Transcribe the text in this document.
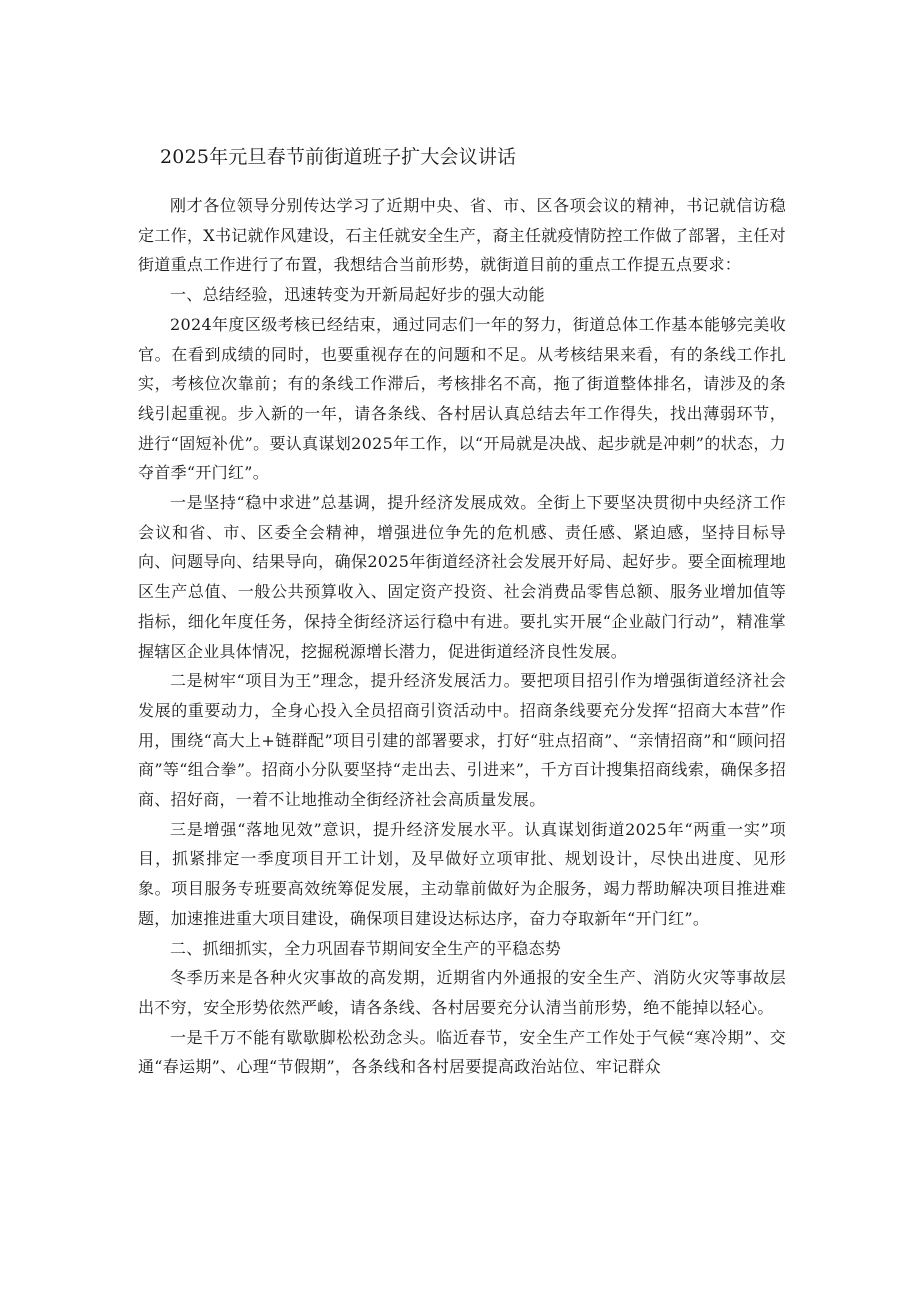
2025年元旦春节前街道班子扩大会议讲话

刚才各位领导分别传达学习了近期中央、省、市、区各项会议的精神，书记就信访稳定工作，X书记就作风建设，石主任就安全生产，裔主任就疫情防控工作做了部署，主任对街道重点工作进行了布置，我想结合当前形势，就街道目前的重点工作提五点要求：

一、总结经验，迅速转变为开新局起好步的强大动能

2024年度区级考核已经结束，通过同志们一年的努力，街道总体工作基本能够完美收官。在看到成绩的同时，也要重视存在的问题和不足。从考核结果来看，有的条线工作扎实，考核位次靠前；有的条线工作滞后，考核排名不高，拖了街道整体排名，请涉及的条线引起重视。步入新的一年，请各条线、各村居认真总结去年工作得失，找出薄弱环节，进行“固短补优”。要认真谋划2025年工作，以“开局就是决战、起步就是冲刺”的状态，力夺首季“开门红”。

一是坚持“稳中求进”总基调，提升经济发展成效。全街上下要坚决贯彻中央经济工作会议和省、市、区委全会精神，增强进位争先的危机感、责任感、紧迫感，坚持目标导向、问题导向、结果导向，确保2025年街道经济社会发展开好局、起好步。要全面梳理地区生产总值、一般公共预算收入、固定资产投资、社会消费品零售总额、服务业增加值等指标，细化年度任务，保持全街经济运行稳中有进。要扎实开展“企业敲门行动”，精准掌握辖区企业具体情况，挖掘税源增长潜力，促进街道经济良性发展。

二是树牢“项目为王”理念，提升经济发展活力。要把项目招引作为增强街道经济社会发展的重要动力，全身心投入全员招商引资活动中。招商条线要充分发挥“招商大本营”作用，围绕“高大上+链群配”项目引建的部署要求，打好“驻点招商”、“亲情招商”和“顾问招商”等“组合拳”。招商小分队要坚持“走出去、引进来”，千方百计搜集招商线索，确保多招商、招好商，一着不让地推动全街经济社会高质量发展。

三是增强“落地见效”意识，提升经济发展水平。认真谋划街道2025年“两重一实”项目，抓紧排定一季度项目开工计划，及早做好立项审批、规划设计，尽快出进度、见形象。项目服务专班要高效统筹促发展，主动靠前做好为企服务，竭力帮助解决项目推进难题，加速推进重大项目建设，确保项目建设达标达序，奋力夺取新年“开门红”。

二、抓细抓实，全力巩固春节期间安全生产的平稳态势

冬季历来是各种火灾事故的高发期，近期省内外通报的安全生产、消防火灾等事故层出不穷，安全形势依然严峻，请各条线、各村居要充分认清当前形势，绝不能掉以轻心。

一是千万不能有歇歇脚松松劲念头。临近春节，安全生产工作处于气候“寒冷期”、交通“春运期”、心理“节假期”，各条线和各村居要提高政治站位、牢记群众
